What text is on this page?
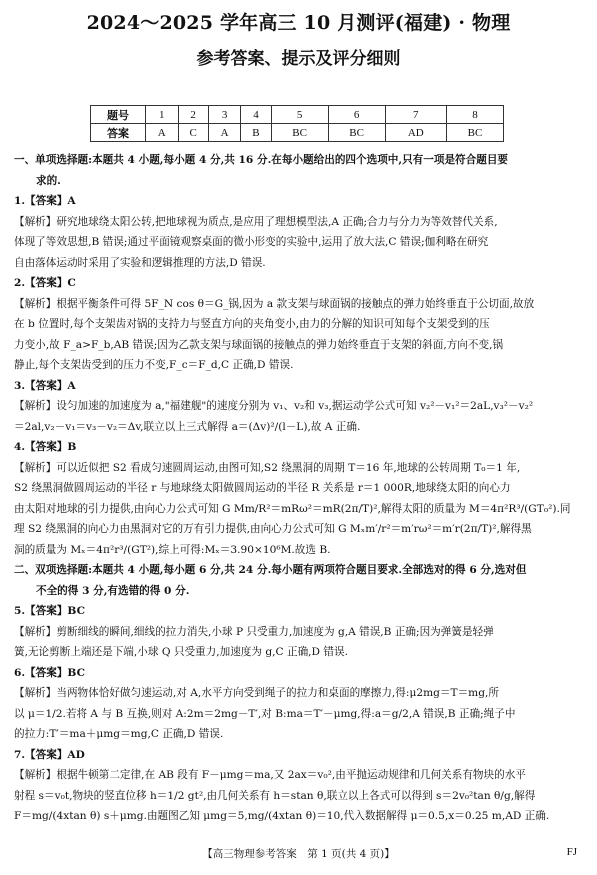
2024～2025 学年高三 10 月测评(福建) · 物理
参考答案、提示及评分细则
题号	1	2	3	4	5	6	7	8
答案	A	C	A	B	BC	BC	AD	BC
一、单项选择题:本题共 4 小题,每小题 4 分,共 16 分.在每小题给出的四个选项中,只有一项是符合题目要
求的.
1.【答案】A
【解析】研究地球绕太阳公转,把地球视为质点,是应用了理想模型法,A 正确;合力与分力为等效替代关系,
体现了等效思想,B 错误;通过平面镜观察桌面的微小形变的实验中,运用了放大法,C 错误;伽利略在研究
自由落体运动时采用了实验和逻辑推理的方法,D 错误.
2.【答案】C
【解析】根据平衡条件可得 5F_N cos θ＝G_锅,因为 a 款支架与球面锅的接触点的弹力始终垂直于公切面,故放
在 b 位置时,每个支架齿对锅的支持力与竖直方向的夹角变小,由力的分解的知识可知每个支架受到的压
力变小,故 F_a>F_b,AB 错误;因为乙款支架与球面锅的接触点的弹力始终垂直于支架的斜面,方向不变,锅
静止,每个支架齿受到的压力不变,F_c＝F_d,C 正确,D 错误.
3.【答案】A
【解析】设匀加速的加速度为 a,"福建舰"的速度分别为 v₁、v₂和 v₃,据运动学公式可知 v₂²－v₁²＝2aL,v₃²－v₂²
＝2al,v₂－v₁＝v₃－v₂＝Δv,联立以上三式解得 a＝(Δv)²/(l－L),故 A 正确.
4.【答案】B
【解析】可以近似把 S2 看成匀速圆周运动,由图可知,S2 绕黑洞的周期 T＝16 年,地球的公转周期 T₀＝1 年,
S2 绕黑洞做圆周运动的半径 r 与地球绕太阳做圆周运动的半径 R 关系是 r＝1 000R,地球绕太阳的向心力
由太阳对地球的引力提供,由向心力公式可知 G Mm/R²＝mRω²＝mR(2π/T)²,解得太阳的质量为 M＝4π²R³/(GT₀²).同
理 S2 绕黑洞的向心力由黑洞对它的万有引力提供,由向心力公式可知 G Mₓm′/r²＝m′rω²＝m′r(2π/T)²,解得黑
洞的质量为 Mₓ＝4π²r³/(GT²),综上可得:Mₓ＝3.90×10⁶M.故选 B.
二、双项选择题:本题共 4 小题,每小题 6 分,共 24 分.每小题有两项符合题目要求.全部选对的得 6 分,选对但
不全的得 3 分,有选错的得 0 分.
5.【答案】BC
【解析】剪断细线的瞬间,细线的拉力消失,小球 P 只受重力,加速度为 g,A 错误,B 正确;因为弹簧是轻弹
簧,无论剪断上端还是下端,小球 Q 只受重力,加速度为 g,C 正确,D 错误.
6.【答案】BC
【解析】当两物体恰好做匀速运动,对 A,水平方向受到绳子的拉力和桌面的摩擦力,得:μ2mg＝T＝mg,所
以 μ＝1/2.若将 A 与 B 互换,则对 A:2m＝2mg－T′,对 B:ma＝T′－μmg,得:a＝g/2,A 错误,B 正确;绳子中
的拉力:T′＝ma＋μmg＝mg,C 正确,D 错误.
7.【答案】AD
【解析】根据牛顿第二定律,在 AB 段有 F－μmg＝ma,又 2ax＝v₀²,由平抛运动规律和几何关系有物块的水平
射程 s＝v₀t,物块的竖直位移 h＝1/2 gt²,由几何关系有 h＝stan θ,联立以上各式可以得到 s＝2v₀²tan θ/g,解得
F＝mg/(4xtan θ) s＋μmg.由题图乙知 μmg＝5,mg/(4xtan θ)＝10,代入数据解得 μ＝0.5,x＝0.25 m,AD 正确.
【高三物理参考答案　第 1 页(共 4 页)】	FJ
